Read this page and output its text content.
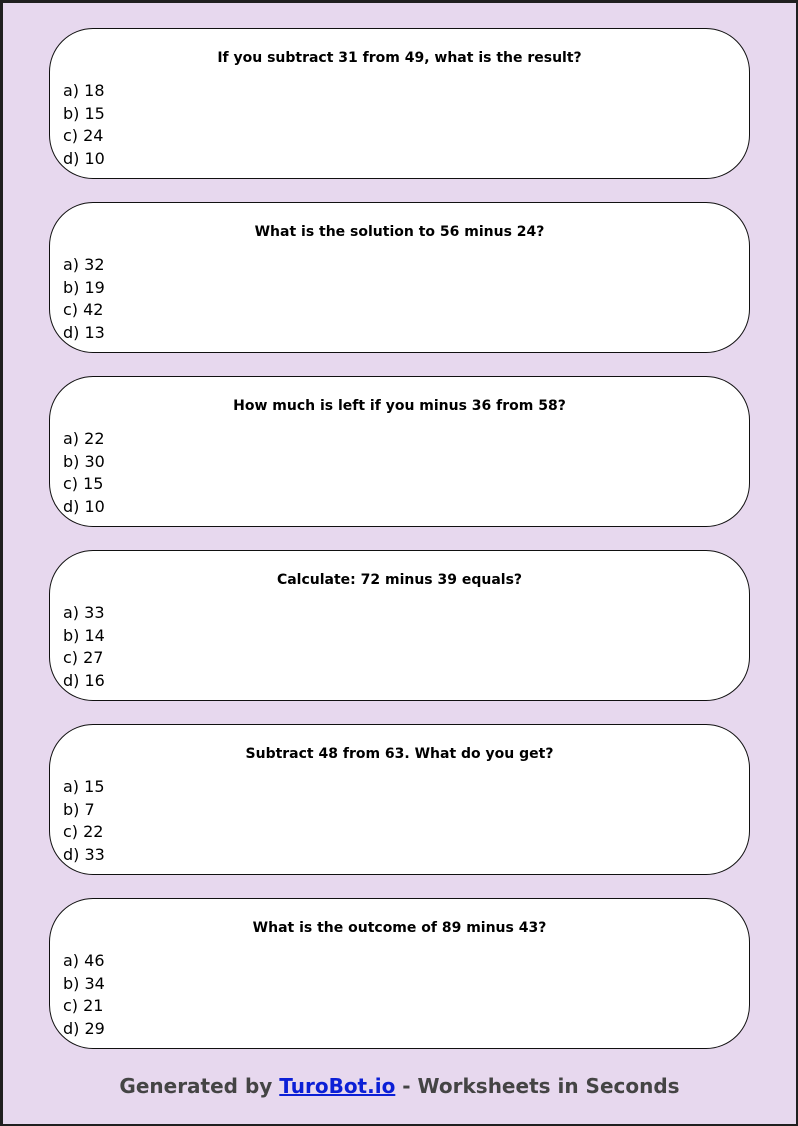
If you subtract 31 from 49, what is the result?
a) 18
b) 15
c) 24
d) 10
What is the solution to 56 minus 24?
a) 32
b) 19
c) 42
d) 13
How much is left if you minus 36 from 58?
a) 22
b) 30
c) 15
d) 10
Calculate: 72 minus 39 equals?
a) 33
b) 14
c) 27
d) 16
Subtract 48 from 63. What do you get?
a) 15
b) 7
c) 22
d) 33
What is the outcome of 89 minus 43?
a) 46
b) 34
c) 21
d) 29
Generated by TuroBot.io - Worksheets in Seconds
